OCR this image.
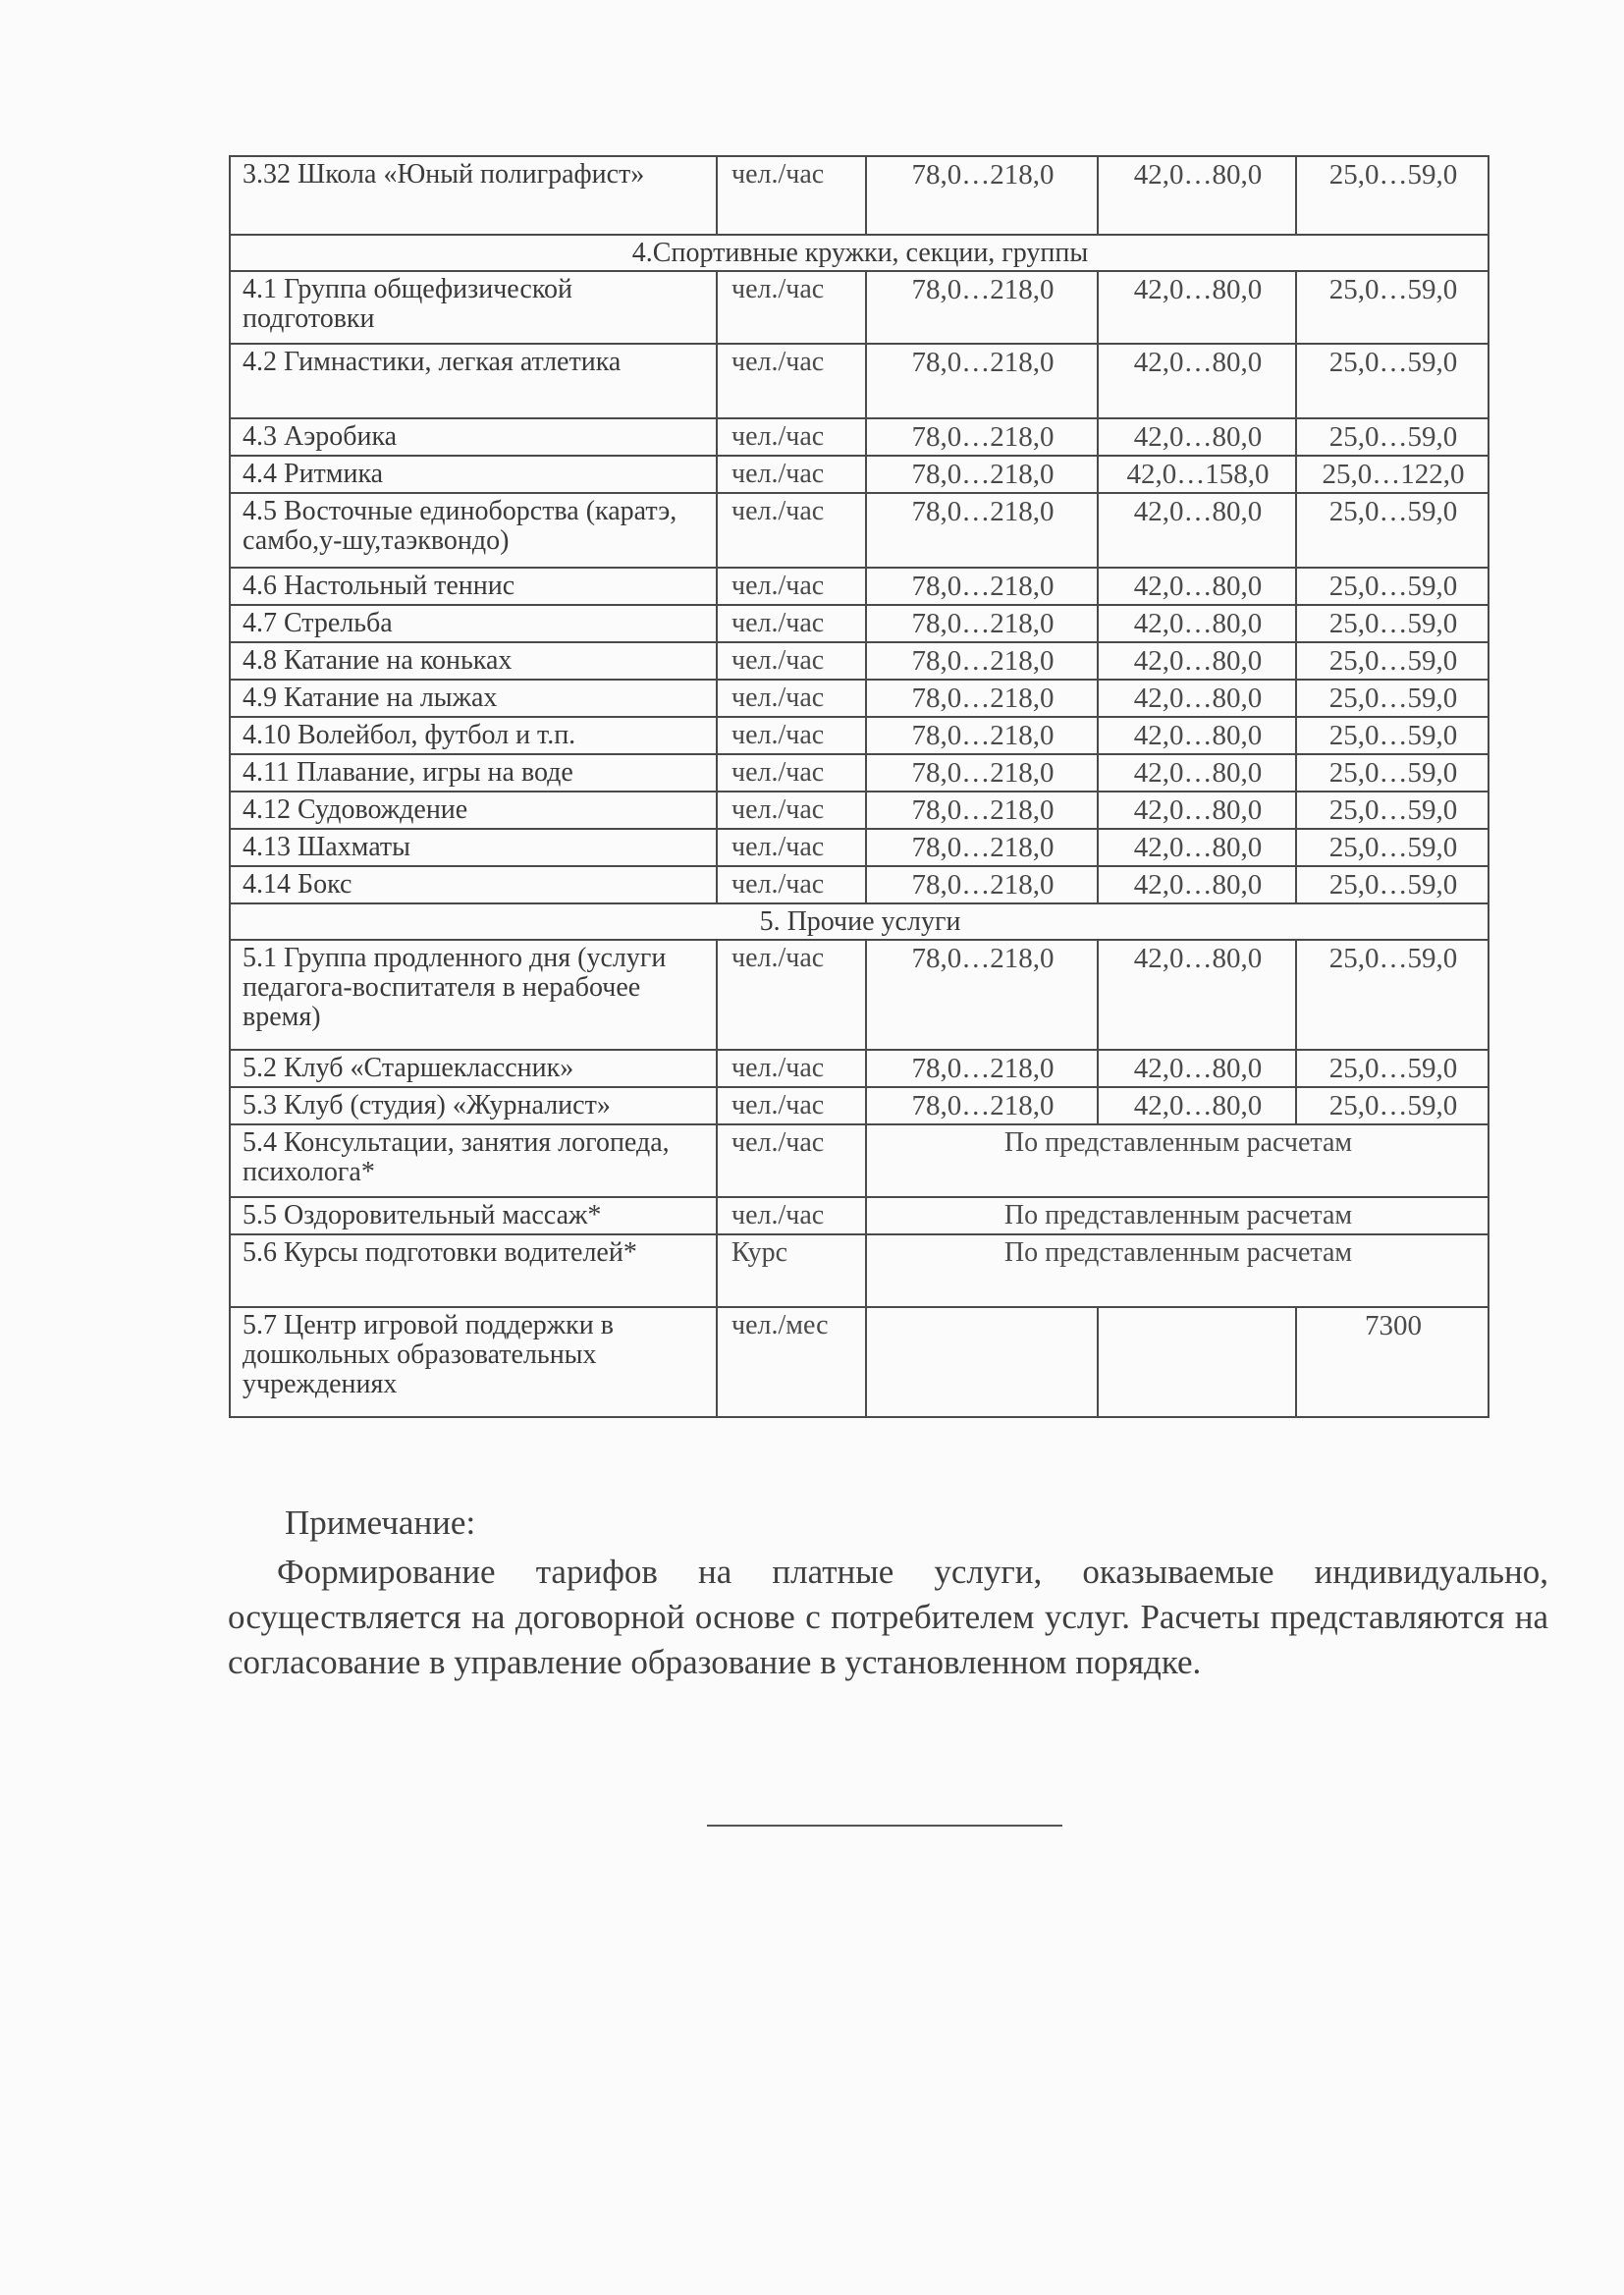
3.32 Школа «Юный полиграфист»	чел./час	78,0…218,0	42,0…80,0	25,0…59,0
4.Спортивные кружки, секции, группы				
4.1 Группа общефизической подготовки	чел./час	78,0…218,0	42,0…80,0	25,0…59,0
4.2 Гимнастики, легкая атлетика	чел./час	78,0…218,0	42,0…80,0	25,0…59,0
4.3 Аэробика	чел./час	78,0…218,0	42,0…80,0	25,0…59,0
4.4 Ритмика	чел./час	78,0…218,0	42,0…158,0	25,0…122,0
4.5 Восточные единоборства (каратэ, самбо,у-шу,таэквондо)	чел./час	78,0…218,0	42,0…80,0	25,0…59,0
4.6 Настольный теннис	чел./час	78,0…218,0	42,0…80,0	25,0…59,0
4.7 Стрельба	чел./час	78,0…218,0	42,0…80,0	25,0…59,0
4.8 Катание на коньках	чел./час	78,0…218,0	42,0…80,0	25,0…59,0
4.9 Катание на лыжах	чел./час	78,0…218,0	42,0…80,0	25,0…59,0
4.10 Волейбол, футбол и т.п.	чел./час	78,0…218,0	42,0…80,0	25,0…59,0
4.11 Плавание, игры на воде	чел./час	78,0…218,0	42,0…80,0	25,0…59,0
4.12 Судовождение	чел./час	78,0…218,0	42,0…80,0	25,0…59,0
4.13 Шахматы	чел./час	78,0…218,0	42,0…80,0	25,0…59,0
4.14 Бокс	чел./час	78,0…218,0	42,0…80,0	25,0…59,0
5. Прочие услуги				
5.1 Группа продленного дня (услуги педагога-воспитателя в нерабочее время)	чел./час	78,0…218,0	42,0…80,0	25,0…59,0
5.2 Клуб «Старшеклассник»	чел./час	78,0…218,0	42,0…80,0	25,0…59,0
5.3 Клуб (студия) «Журналист»	чел./час	78,0…218,0	42,0…80,0	25,0…59,0
5.4 Консультации, занятия логопеда, психолога*	чел./час	По представленным расчетам		
5.5 Оздоровительный массаж*	чел./час	По представленным расчетам		
5.6 Курсы подготовки водителей*	Курс	По представленным расчетам		
5.7 Центр игровой поддержки в дошкольных образовательных учреждениях	чел./мес			7300
Примечание:
Формирование тарифов на платные услуги, оказываемые индивидуально, осуществляется на договорной основе с потребителем услуг. Расчеты представляются на согласование в управление образование в установленном порядке.
